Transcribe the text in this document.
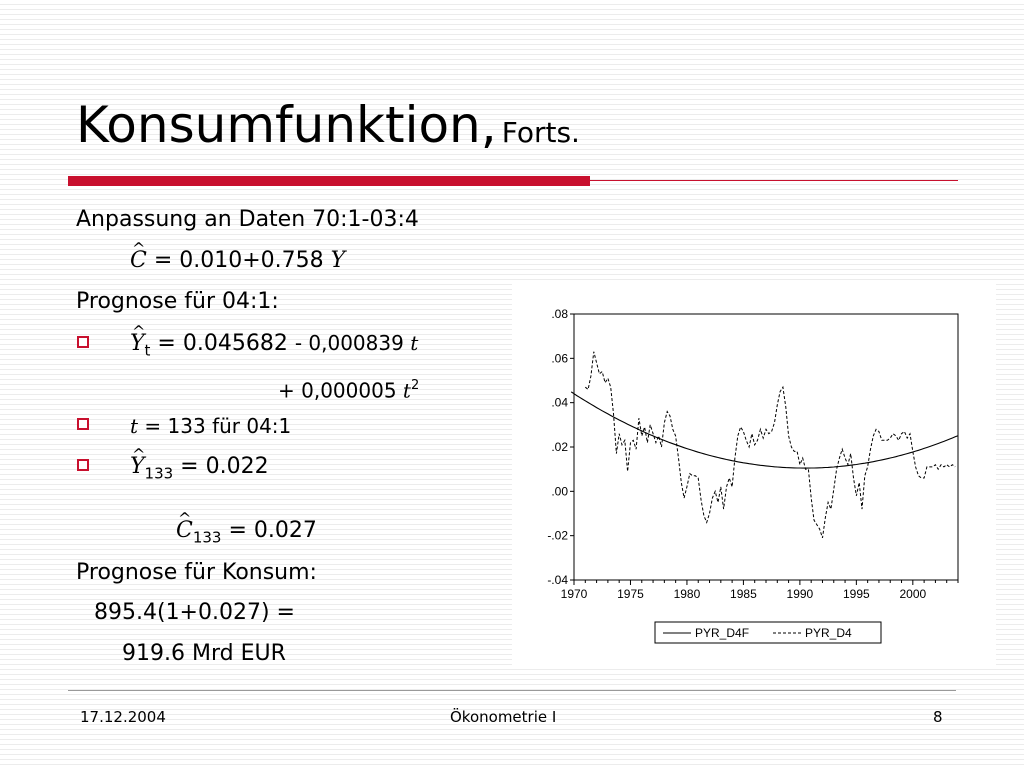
Konsumfunktion, Forts.
Anpassung an Daten 70:1-03:4
^ C = 0.010+0.758 Y
Prognose für 04:1:
^ $Y_t = 0.045682 - 0,000839$ t
+ 0,000005 $t^2$
t = 133 für 04:1
^ $Y_{133} = 0.022$
^ $C_{133} = 0.027$
Prognose für Konsum:
895.4(1+0.027) =
919.6 Mrd EUR
.08
.06
.04
.02
.00
-.02
-.04
1970 1975 1980 1985 1990 1995 2000
PYR_D4F	PYR_D4
17.12.2004	Ökonometrie I	8
